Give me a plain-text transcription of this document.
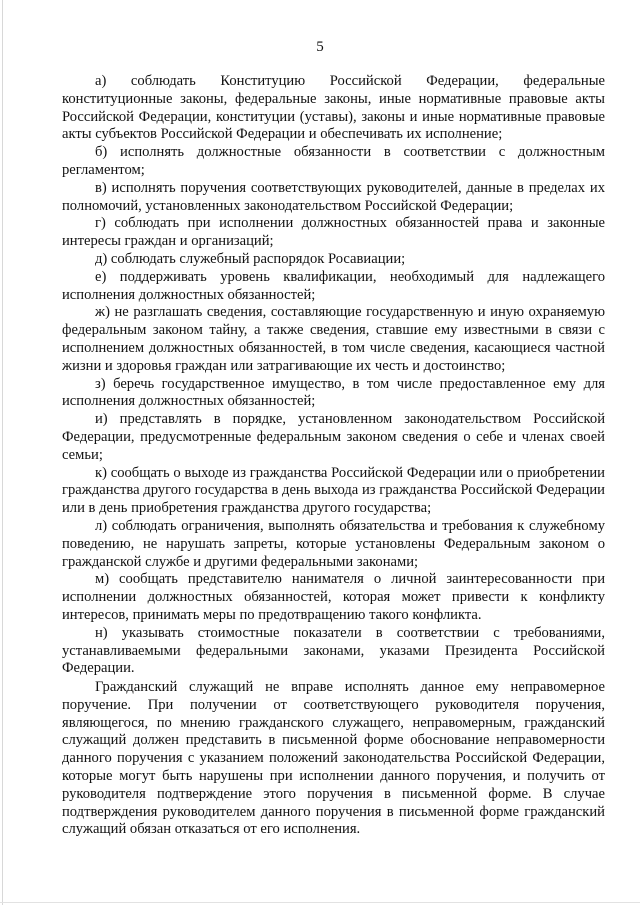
5

а) соблюдать Конституцию Российской Федерации, федеральные конституционные законы, федеральные законы, иные нормативные правовые акты Российской Федерации, конституции (уставы), законы и иные нормативные правовые акты субъектов Российской Федерации и обеспечивать их исполнение;

б) исполнять должностные обязанности в соответствии с должностным регламентом;

в) исполнять поручения соответствующих руководителей, данные в пределах их полномочий, установленных законодательством Российской Федерации;

г) соблюдать при исполнении должностных обязанностей права и законные интересы граждан и организаций;

д) соблюдать служебный распорядок Росавиации;

е) поддерживать уровень квалификации, необходимый для надлежащего исполнения должностных обязанностей;

ж) не разглашать сведения, составляющие государственную и иную охраняемую федеральным законом тайну, а также сведения, ставшие ему известными в связи с исполнением должностных обязанностей, в том числе сведения, касающиеся частной жизни и здоровья граждан или затрагивающие их честь и достоинство;

з) беречь государственное имущество, в том числе предоставленное ему для исполнения должностных обязанностей;

и) представлять в порядке, установленном законодательством Российской Федерации, предусмотренные федеральным законом сведения о себе и членах своей семьи;

к) сообщать о выходе из гражданства Российской Федерации или о приобретении гражданства другого государства в день выхода из гражданства Российской Федерации или в день приобретения гражданства другого государства;

л) соблюдать ограничения, выполнять обязательства и требования к служебному поведению, не нарушать запреты, которые установлены Федеральным законом о гражданской службе и другими федеральными законами;

м) сообщать представителю нанимателя о личной заинтересованности при исполнении должностных обязанностей, которая может привести к конфликту интересов, принимать меры по предотвращению такого конфликта.

н) указывать стоимостные показатели в соответствии с требованиями, устанавливаемыми федеральными законами, указами Президента Российской Федерации.

Гражданский служащий не вправе исполнять данное ему неправомерное поручение. При получении от соответствующего руководителя поручения, являющегося, по мнению гражданского служащего, неправомерным, гражданский служащий должен представить в письменной форме обоснование неправомерности данного поручения с указанием положений законодательства Российской Федерации, которые могут быть нарушены при исполнении данного поручения, и получить от руководителя подтверждение этого поручения в письменной форме. В случае подтверждения руководителем данного поручения в письменной форме гражданский служащий обязан отказаться от его исполнения.
